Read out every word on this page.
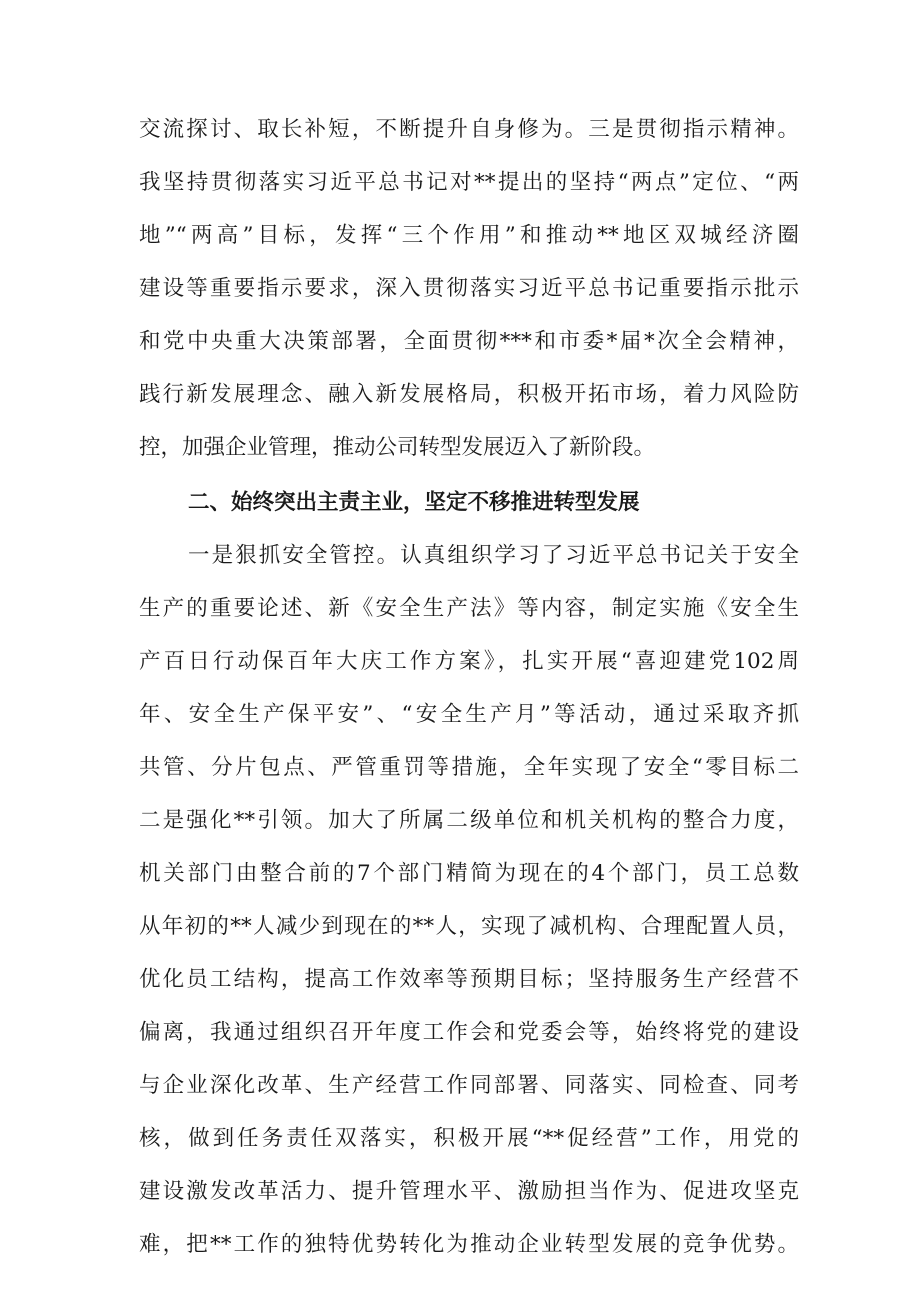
交流探讨、取长补短，不断提升自身修为。三是贯彻指示精神。
我坚持贯彻落实习近平总书记对**提出的坚持“两点”定位、“两
地”“两高”目标，发挥“三个作用”和推动**地区双城经济圈
建设等重要指示要求，深入贯彻落实习近平总书记重要指示批示
和党中央重大决策部署，全面贯彻***和市委*届*次全会精神，
践行新发展理念、融入新发展格局，积极开拓市场，着力风险防
控，加强企业管理，推动公司转型发展迈入了新阶段。
二、始终突出主责主业，坚定不移推进转型发展
一是狠抓安全管控。认真组织学习了习近平总书记关于安全
生产的重要论述、新《安全生产法》等内容，制定实施《安全生
产百日行动保百年大庆工作方案》，扎实开展“喜迎建党102周
年、安全生产保平安”、“安全生产月”等活动，通过采取齐抓
共管、分片包点、严管重罚等措施，全年实现了安全“零目标二
二是强化**引领。加大了所属二级单位和机关机构的整合力度，
机关部门由整合前的7个部门精简为现在的4个部门，员工总数
从年初的**人减少到现在的**人，实现了减机构、合理配置人员，
优化员工结构，提高工作效率等预期目标；坚持服务生产经营不
偏离，我通过组织召开年度工作会和党委会等，始终将党的建设
与企业深化改革、生产经营工作同部署、同落实、同检查、同考
核，做到任务责任双落实，积极开展“**促经营”工作，用党的
建设激发改革活力、提升管理水平、激励担当作为、促进攻坚克
难，把**工作的独特优势转化为推动企业转型发展的竞争优势。
